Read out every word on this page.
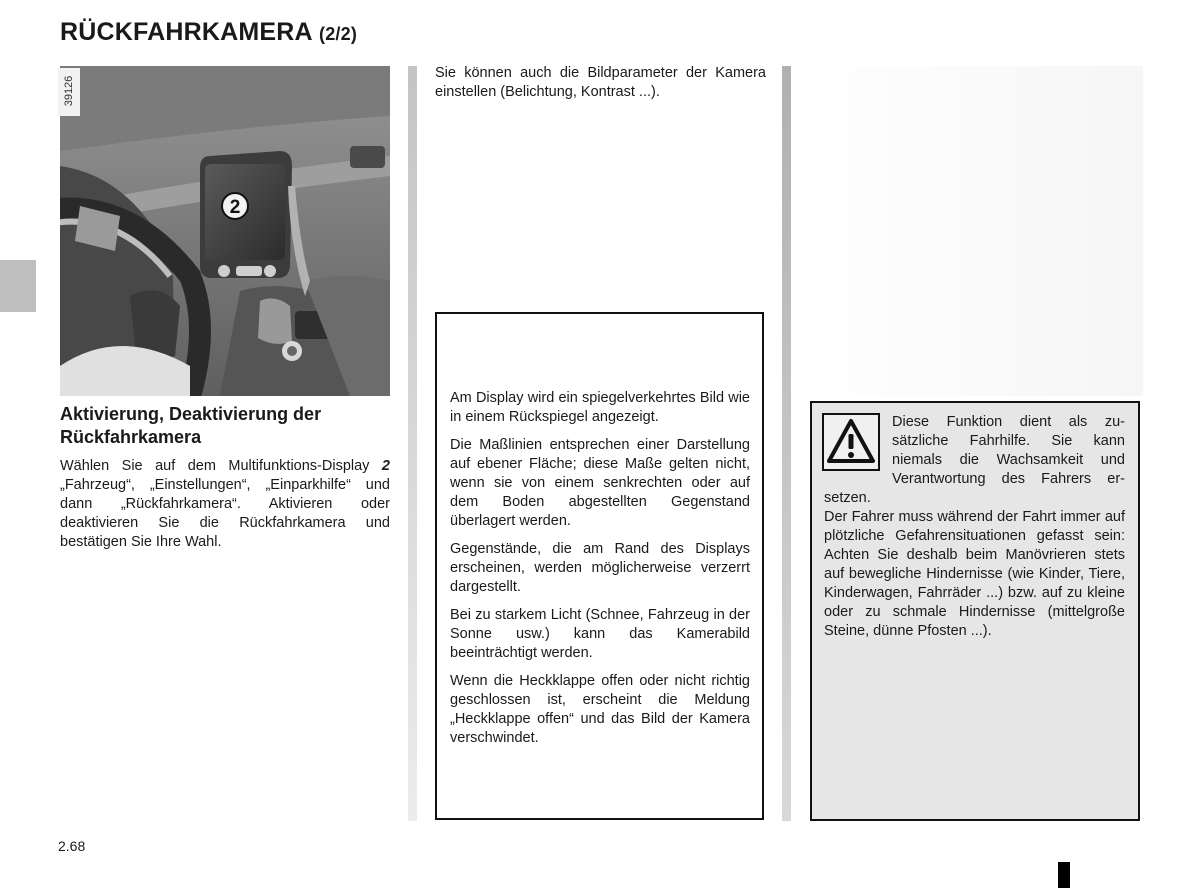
RÜCKFAHRKAMERA (2/2)
2
39126
Aktivierung, Deaktivierung der
Rückfahrkamera
Wählen Sie auf dem Multifunktions-Display 2 „Fahrzeug“, „Einstellungen“, „Einparkhilfe“ und dann „Rückfahrkamera“. Aktivieren oder deaktivieren Sie die Rückfahrkamera und bestätigen Sie Ihre Wahl.
Sie können auch die Bildparameter der Kamera einstellen (Belichtung, Kontrast ...).

Am Display wird ein spiegelverkehrtes Bild wie in einem Rückspiegel angezeigt.

Die Maßlinien entsprechen einer Darstellung auf ebener Fläche; diese Maße gelten nicht, wenn sie von einem senkrechten oder auf dem Boden abgestellten Gegenstand überlagert werden.

Gegenstände, die am Rand des Displays erscheinen, werden möglicherweise verzerrt dargestellt.

Bei zu starkem Licht (Schnee, Fahrzeug in der Sonne usw.) kann das Kamerabild beeinträchtigt werden.

Wenn die Heckklappe offen oder nicht richtig geschlossen ist, erscheint die Meldung „Heckklappe offen“ und das Bild der Kamera verschwindet.

Diese Funktion dient als zu-
sätzliche Fahrhilfe. Sie kann
niemals die Wachsamkeit und
Verantwortung des Fahrers er-
setzen.
Der Fahrer muss während der Fahrt immer auf plötzliche Gefahrensituationen gefasst sein: Achten Sie deshalb beim Manövrieren stets auf bewegliche Hindernisse (wie Kinder, Tiere, Kinderwagen, Fahrräder ...) bzw. auf zu kleine oder zu schmale Hindernisse (mittelgroße Steine, dünne Pfosten ...).
2.68
